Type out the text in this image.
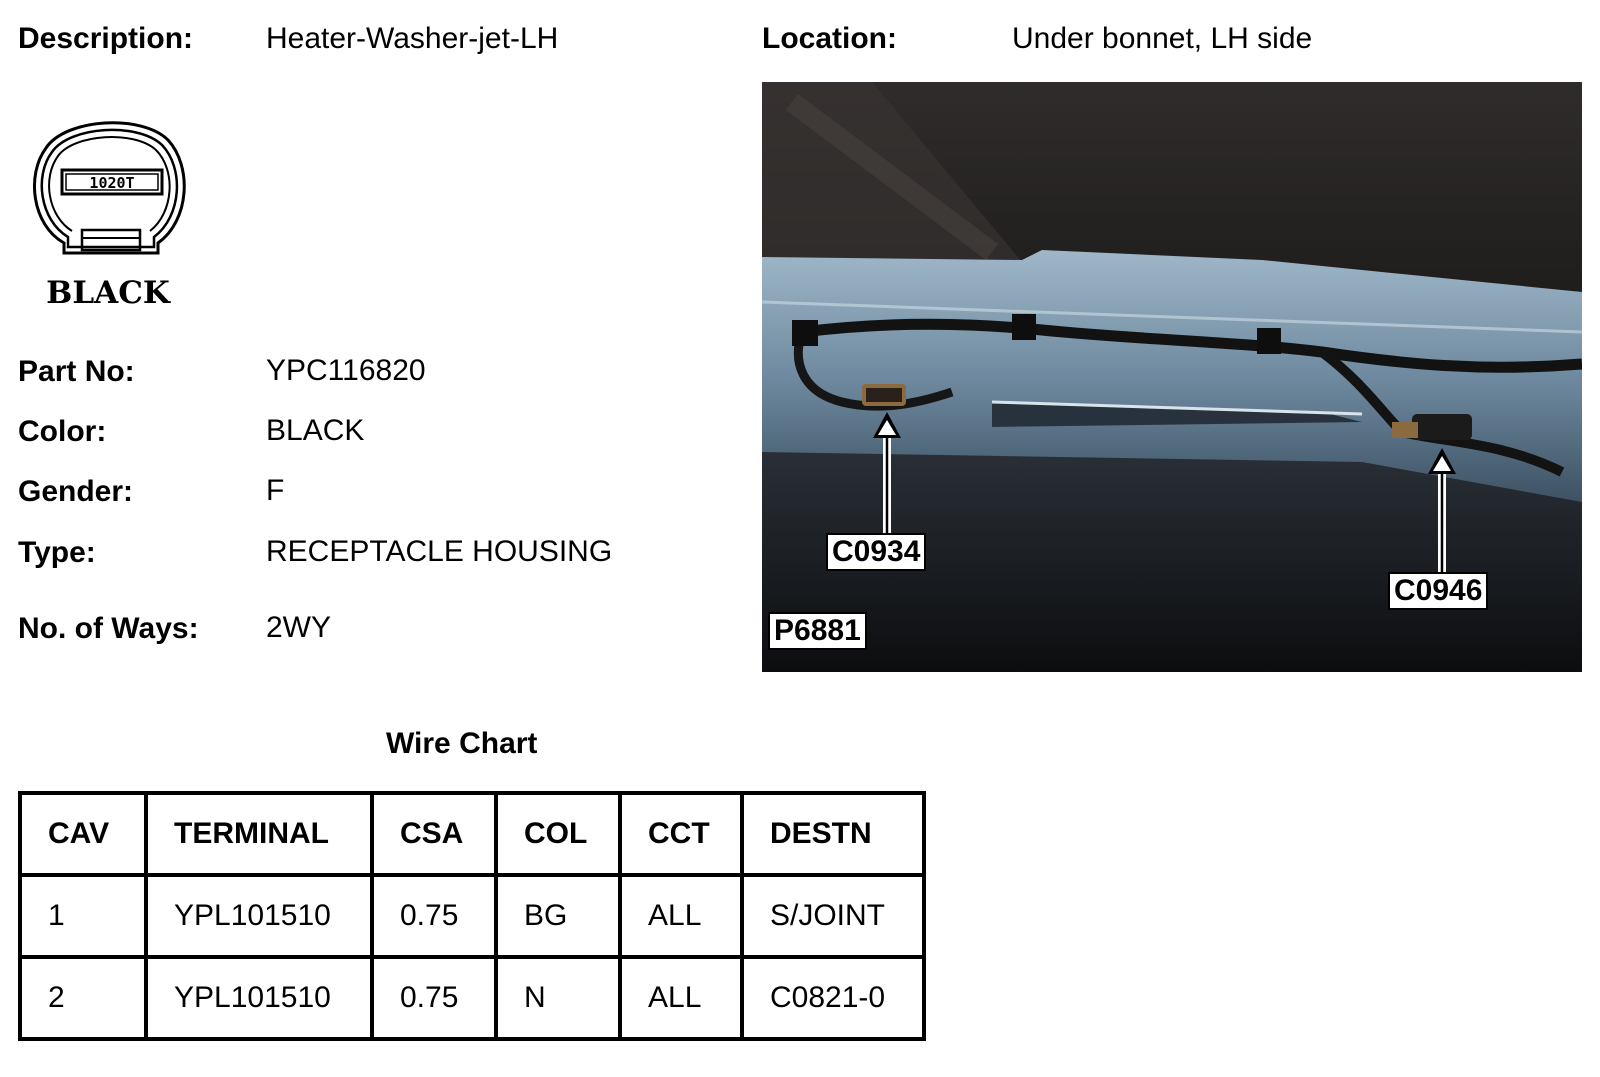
Description: Heater-Washer-jet-LH	Location:	Under bonnet, LH side
1020T
BLACK
Part No:	YPC116820
Color:	BLACK
Gender:	F
Type:	RECEPTACLE HOUSING
No. of Ways: 2WY
C0934
C0946
P6881
Wire Chart
CAV	TERMINAL	CSA	COL	CCT	DESTN
1	YPL101510	0.75	BG	ALL	S/JOINT
2	YPL101510	0.75	N	ALL	C0821-0
